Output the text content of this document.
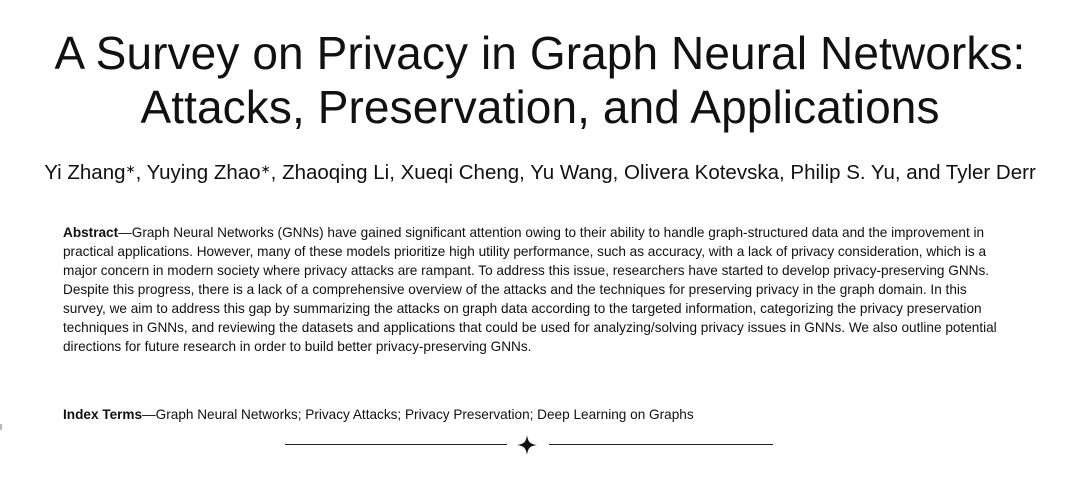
A Survey on Privacy in Graph Neural Networks:
Attacks, Preservation, and Applications
Yi Zhang∗, Yuying Zhao∗, Zhaoqing Li, Xueqi Cheng, Yu Wang, Olivera Kotevska, Philip S. Yu, and Tyler Derr
Abstract—Graph Neural Networks (GNNs) have gained significant attention owing to their ability to handle graph-structured data and the improvement in practical applications. However, many of these models prioritize high utility performance, such as accuracy, with a lack of privacy consideration, which is a major concern in modern society where privacy attacks are rampant. To address this issue, researchers have started to develop privacy-preserving GNNs. Despite this progress, there is a lack of a comprehensive overview of the attacks and the techniques for preserving privacy in the graph domain. In this survey, we aim to address this gap by summarizing the attacks on graph data according to the targeted information, categorizing the privacy preservation techniques in GNNs, and reviewing the datasets and applications that could be used for analyzing/solving privacy issues in GNNs. We also outline potential directions for future research in order to build better privacy-preserving GNNs.
Index Terms—Graph Neural Networks; Privacy Attacks; Privacy Preservation; Deep Learning on Graphs
